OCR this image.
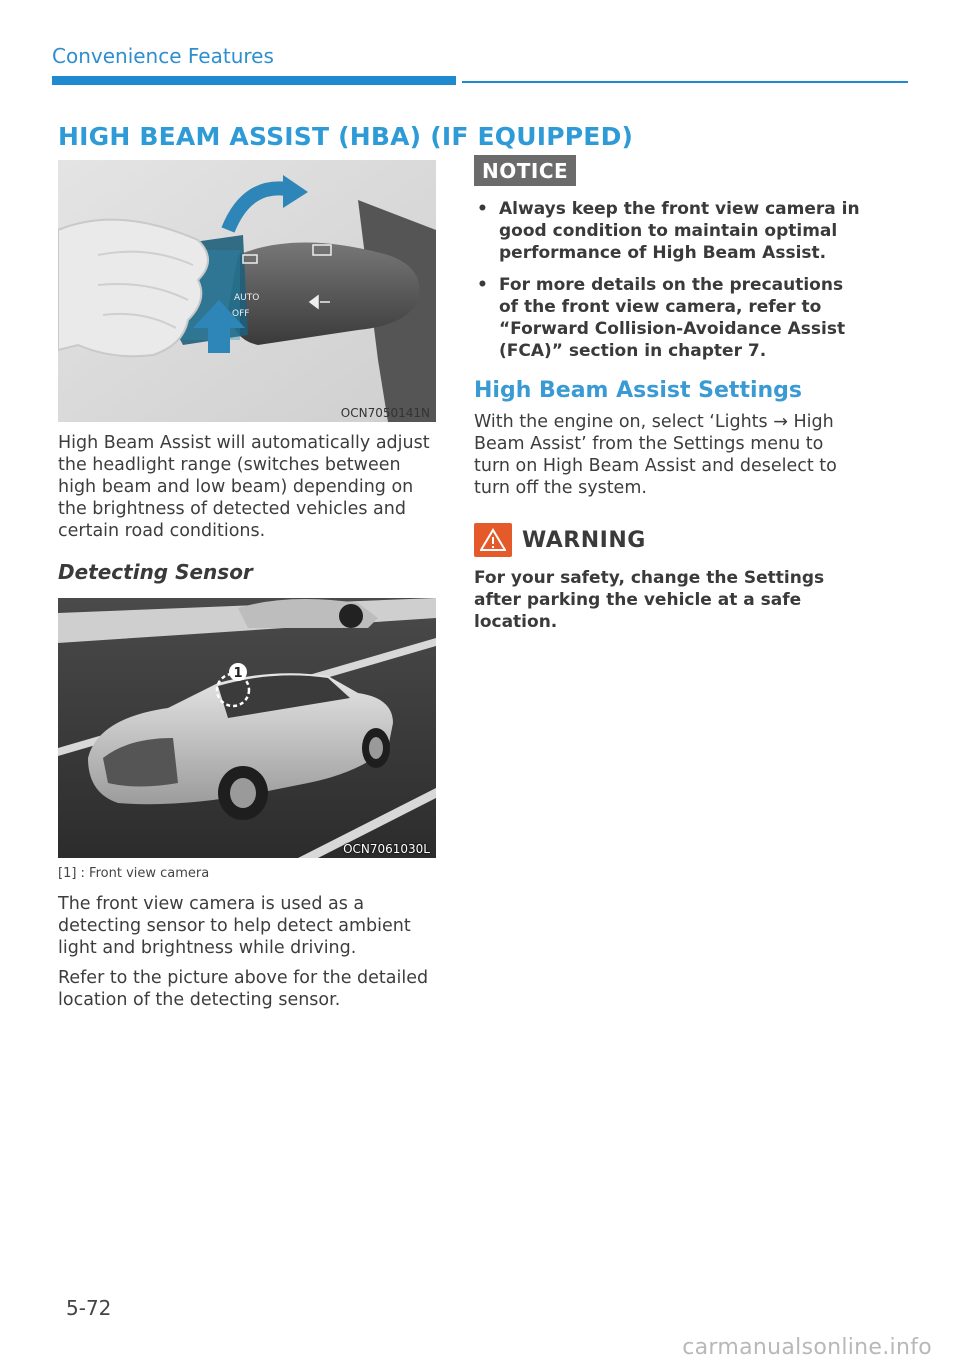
Convenience Features
HIGH BEAM ASSIST (HBA) (IF EQUIPPED)
AUTO
OFF
OCN7050141N

High Beam Assist will automatically adjust the headlight range (switches between high beam and low beam) depending on the brightness of detected vehicles and certain road conditions.

Detecting Sensor
1
OCN7061030L
[1] : Front view camera

The front view camera is used as a detecting sensor to help detect ambient light and brightness while driving.

Refer to the picture above for the detailed location of the detecting sensor.

NOTICE
• Always keep the front view camera in good condition to maintain optimal performance of High Beam Assist.
• For more details on the precautions of the front view camera, refer to “Forward Collision-Avoidance Assist (FCA)” section in chapter 7.
High Beam Assist Settings

With the engine on, select ‘Lights → High Beam Assist’ from the Settings menu to turn on High Beam Assist and deselect to turn off the system.

WARNING
For your safety, change the Settings after parking the vehicle at a safe location.
5-72
carmanualsonline.info
